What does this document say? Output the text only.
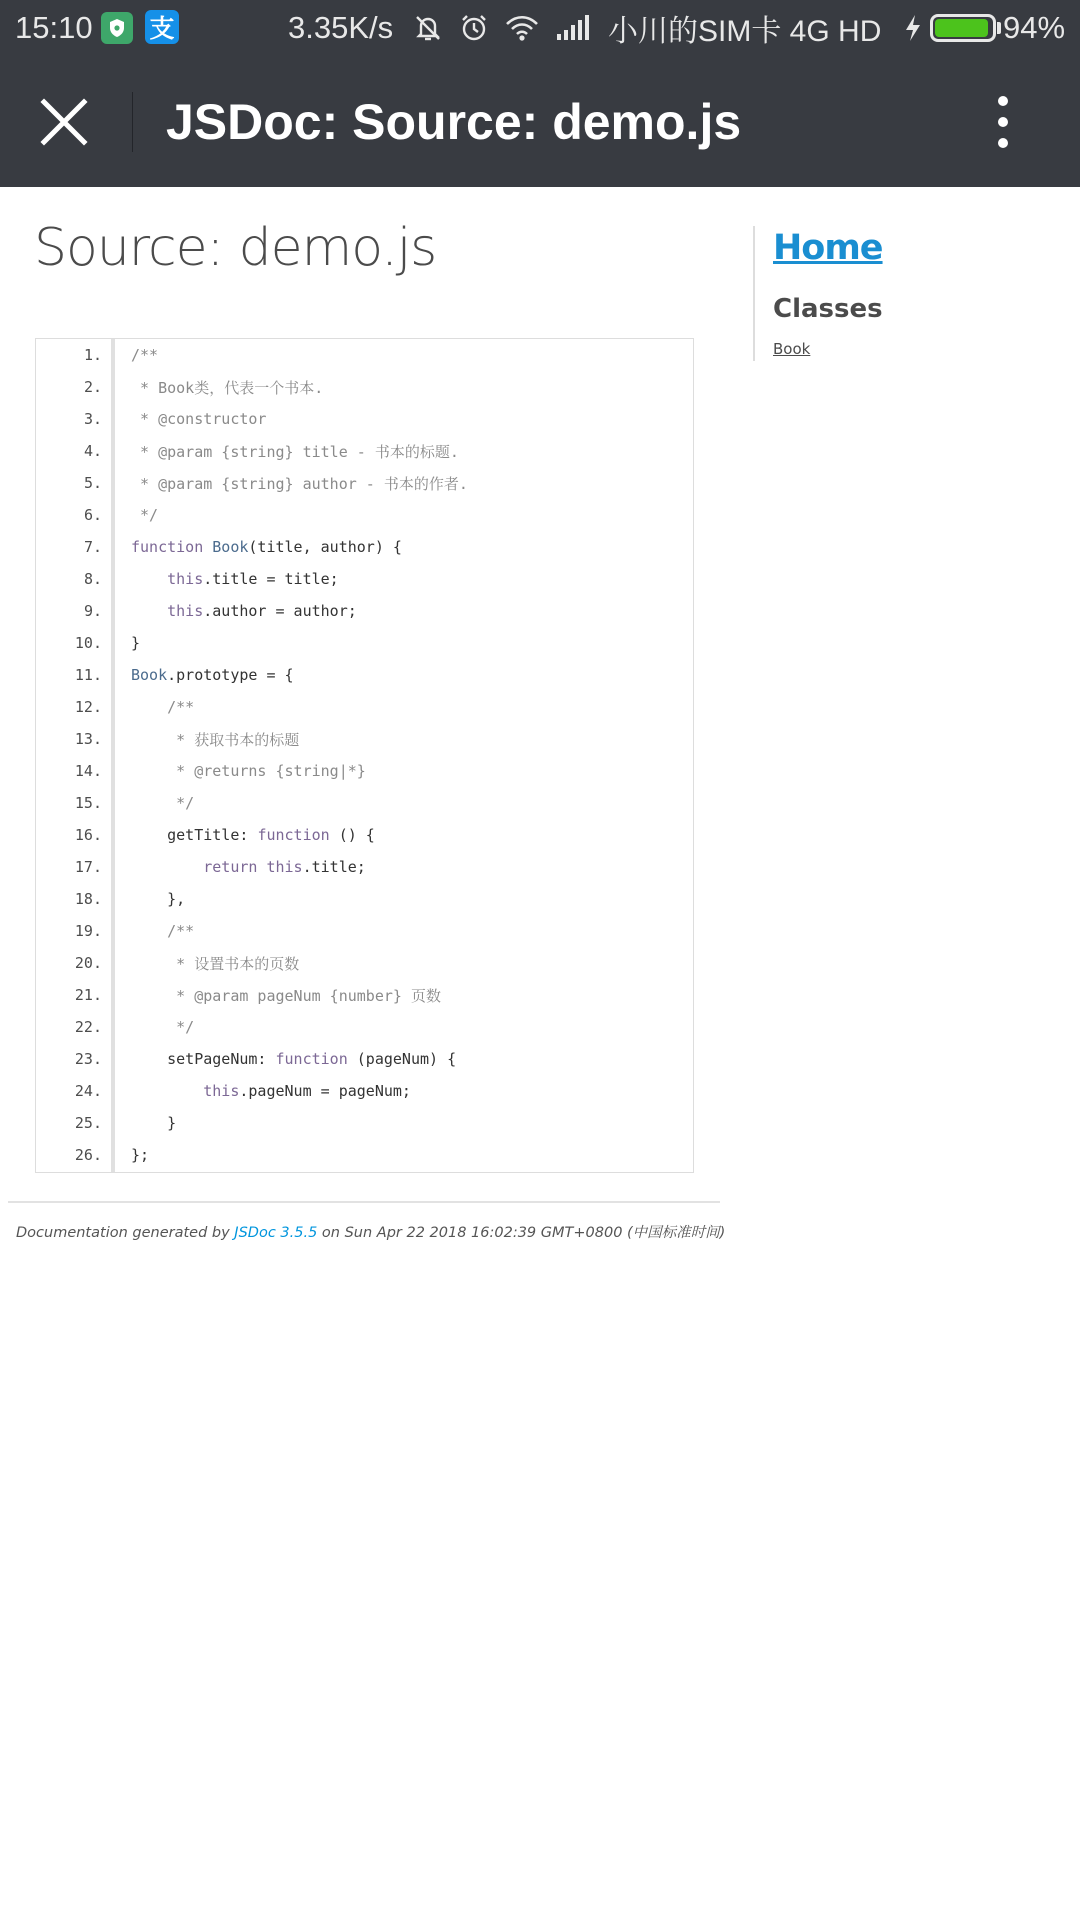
15:10 支	3.35K/s	小川的SIM卡 4G HD	94%
JSDoc: Source: demo.js
Source: demo.js
1. /**
2. * Book类，代表一个书本.
3. * @constructor
4. * @param {string} title - 书本的标题.
5. * @param {string} author - 书本的作者.
6. */
7. function Book(title, author) {
8.	this.title = title;
9.	this.author = author;
10. }
11. Book.prototype = {
12. /**
13. * 获取书本的标题
14. * @returns {string|*}
15. */
16. getTitle: function () {
17.	return this.title;
18. },
19. /**
20. * 设置书本的页数
21. * @param pageNum {number} 页数
22. */
23. setPageNum: function (pageNum) {
24.	this.pageNum = pageNum;
25. }
26. };
Documentation generated by JSDoc 3.5.5 on Sun Apr 22 2018 16:02:39 GMT+0800 (中国标准时间)
Home
Classes
Book
